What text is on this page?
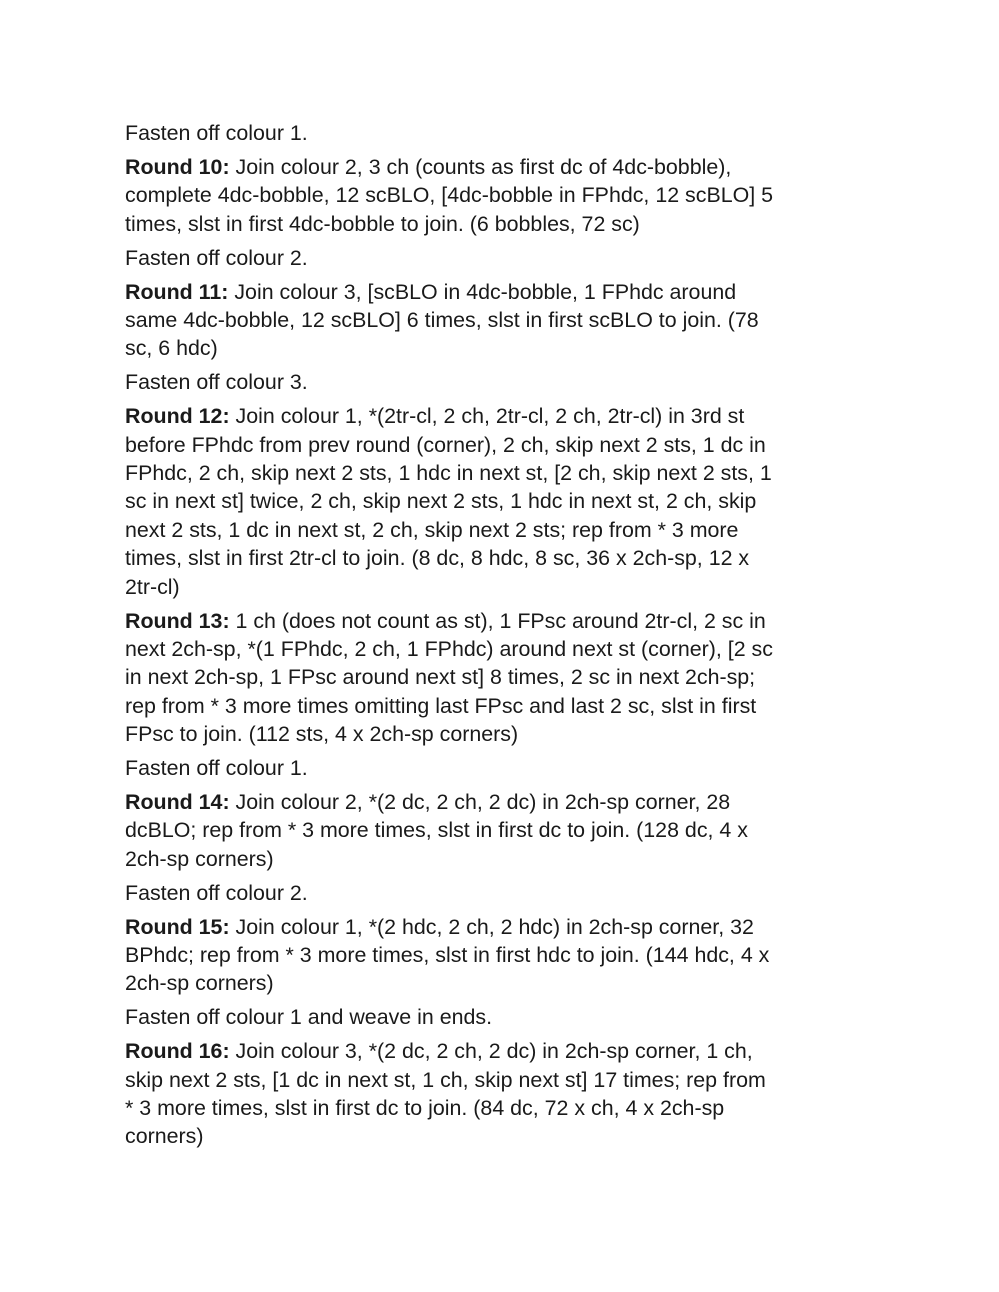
Fasten off colour 1.
Round 10: Join colour 2, 3 ch (counts as first dc of 4dc-bobble),
complete 4dc-bobble, 12 scBLO, [4dc-bobble in FPhdc, 12 scBLO] 5
times, slst in first 4dc-bobble to join. (6 bobbles, 72 sc)
Fasten off colour 2.
Round 11: Join colour 3, [scBLO in 4dc-bobble, 1 FPhdc around
same 4dc-bobble, 12 scBLO] 6 times, slst in first scBLO to join. (78
sc, 6 hdc)
Fasten off colour 3.
Round 12: Join colour 1, *(2tr-cl, 2 ch, 2tr-cl, 2 ch, 2tr-cl) in 3rd st
before FPhdc from prev round (corner), 2 ch, skip next 2 sts, 1 dc in
FPhdc, 2 ch, skip next 2 sts, 1 hdc in next st, [2 ch, skip next 2 sts, 1
sc in next st] twice, 2 ch, skip next 2 sts, 1 hdc in next st, 2 ch, skip
next 2 sts, 1 dc in next st, 2 ch, skip next 2 sts; rep from * 3 more
times, slst in first 2tr-cl to join. (8 dc, 8 hdc, 8 sc, 36 x 2ch-sp, 12 x
2tr-cl)
Round 13: 1 ch (does not count as st), 1 FPsc around 2tr-cl, 2 sc in
next 2ch-sp, *(1 FPhdc, 2 ch, 1 FPhdc) around next st (corner), [2 sc
in next 2ch-sp, 1 FPsc around next st] 8 times, 2 sc in next 2ch-sp;
rep from * 3 more times omitting last FPsc and last 2 sc, slst in first
FPsc to join. (112 sts, 4 x 2ch-sp corners)
Fasten off colour 1.
Round 14: Join colour 2, *(2 dc, 2 ch, 2 dc) in 2ch-sp corner, 28
dcBLO; rep from * 3 more times, slst in first dc to join. (128 dc, 4 x
2ch-sp corners)
Fasten off colour 2.
Round 15: Join colour 1, *(2 hdc, 2 ch, 2 hdc) in 2ch-sp corner, 32
BPhdc; rep from * 3 more times, slst in first hdc to join. (144 hdc, 4 x
2ch-sp corners)
Fasten off colour 1 and weave in ends.
Round 16: Join colour 3, *(2 dc, 2 ch, 2 dc) in 2ch-sp corner, 1 ch,
skip next 2 sts, [1 dc in next st, 1 ch, skip next st] 17 times; rep from
* 3 more times, slst in first dc to join. (84 dc, 72 x ch, 4 x 2ch-sp
corners)
